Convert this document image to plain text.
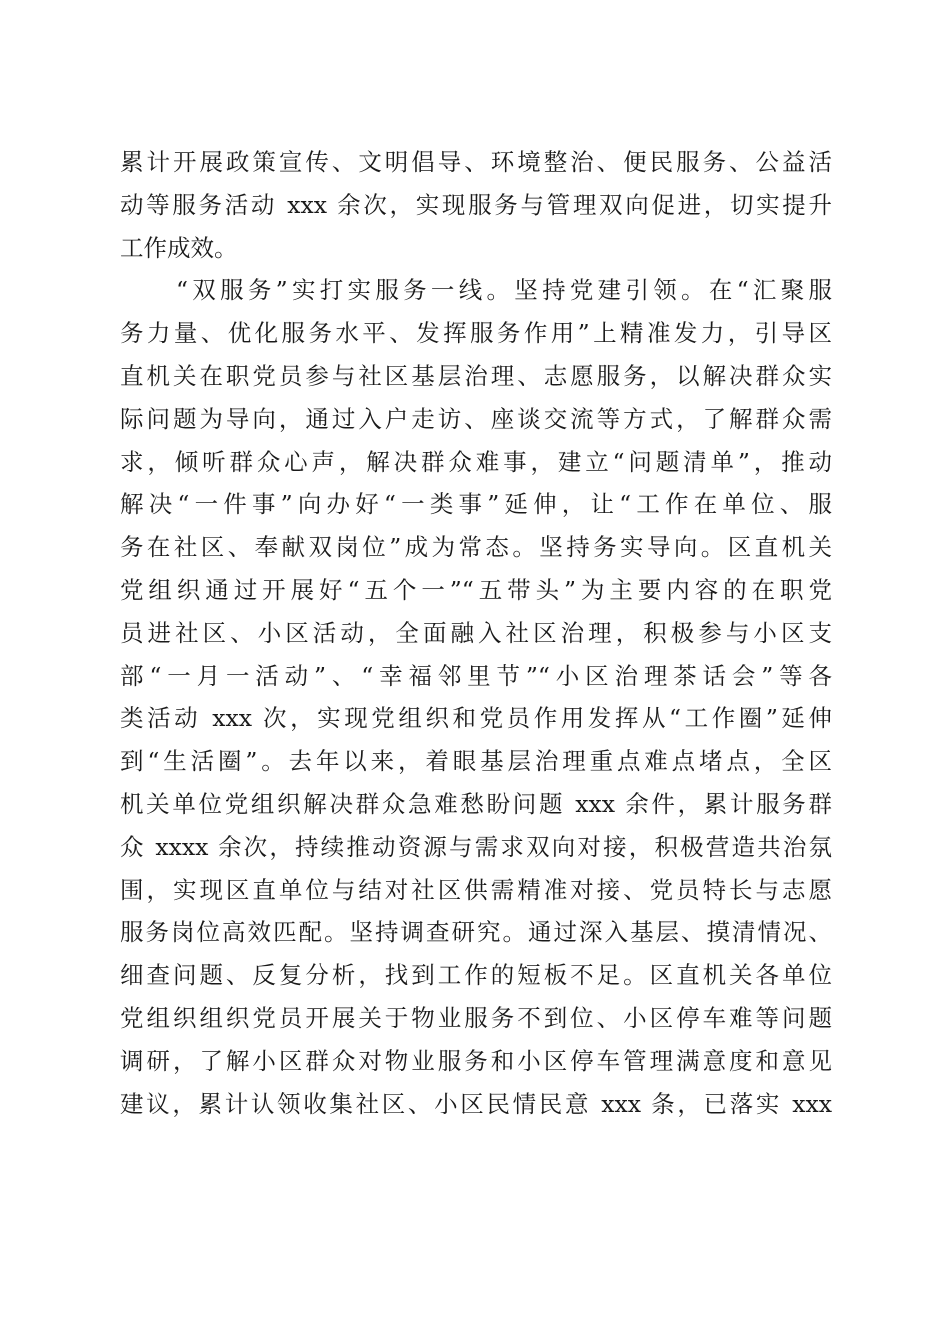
累计开展政策宣传、文明倡导、环境整治、便民服务、公益活
动等服务活动 xxx 余次，实现服务与管理双向促进，切实提升
工作成效。
“双服务”实打实服务一线。坚持党建引领。在“汇聚服
务力量、优化服务水平、发挥服务作用”上精准发力，引导区
直机关在职党员参与社区基层治理、志愿服务，以解决群众实
际问题为导向，通过入户走访、座谈交流等方式，了解群众需
求，倾听群众心声，解决群众难事，建立“问题清单”，推动
解决“一件事”向办好“一类事”延伸，让“工作在单位、服
务在社区、奉献双岗位”成为常态。坚持务实导向。区直机关
党组织通过开展好“五个一”“五带头”为主要内容的在职党
员进社区、小区活动，全面融入社区治理，积极参与小区支
部“一月一活动”、“幸福邻里节”“小区治理茶话会”等各
类活动 xxx 次，实现党组织和党员作用发挥从“工作圈”延伸
到“生活圈”。去年以来，着眼基层治理重点难点堵点，全区
机关单位党组织解决群众急难愁盼问题 xxx 余件，累计服务群
众 xxxx 余次，持续推动资源与需求双向对接，积极营造共治氛
围，实现区直单位与结对社区供需精准对接、党员特长与志愿
服务岗位高效匹配。坚持调查研究。通过深入基层、摸清情况、
细查问题、反复分析，找到工作的短板不足。区直机关各单位
党组织组织党员开展关于物业服务不到位、小区停车难等问题
调研，了解小区群众对物业服务和小区停车管理满意度和意见
建议，累计认领收集社区、小区民情民意 xxx 条，已落实 xxx
